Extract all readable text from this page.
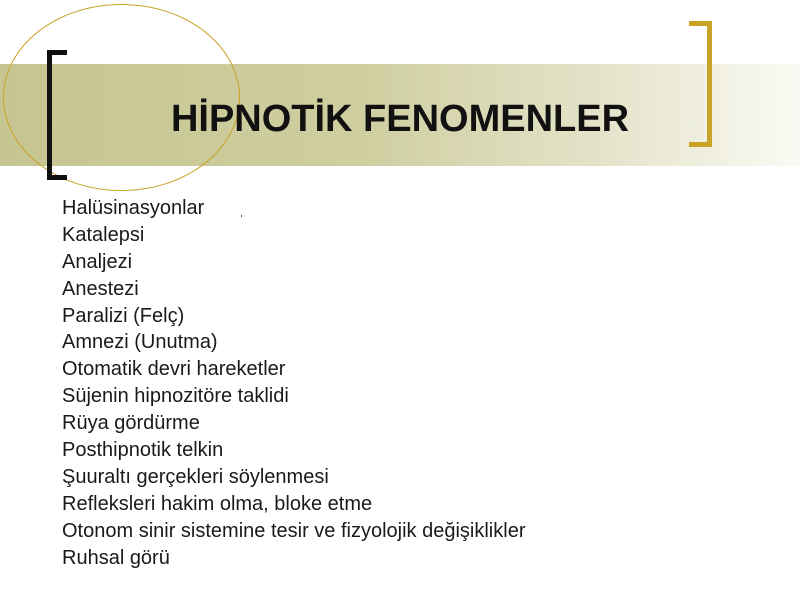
HİPNOTİK FENOMENLER
Halüsinasyonlar
Katalepsi
Analjezi
Anestezi
Paralizi (Felç)
Amnezi (Unutma)
Otomatik devri hareketler
Süjenin hipnozitöre taklidi
Rüya gördürme
Posthipnotik telkin
Şuuraltı gerçekleri söylenmesi
Refleksleri hakim olma, bloke etme
Otonom sinir sistemine tesir ve fizyolojik değişiklikler
Ruhsal görü
